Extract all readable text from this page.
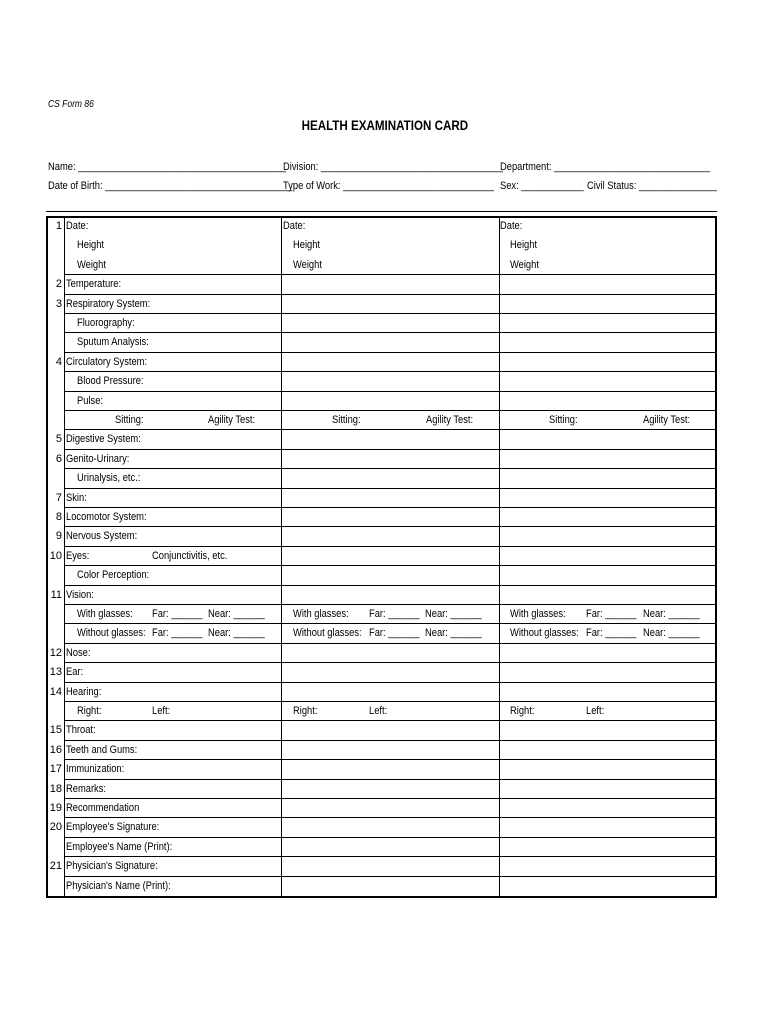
CS Form 86
HEALTH EXAMINATION CARD
Name: ________________________________________
Division: ___________________________________
Department: ______________________________
Date of Birth: ____________________________________
Type of Work: _____________________________ Sex: ____________ Civil Status: _______________
1 Date:	Date:	Date:
Height	Height	Height
Weight	Weight	Weight
2 Temperature:
3 Respiratory System:
Fluorography:
Sputum Analysis:
4 Circulatory System:
Blood Pressure:
Pulse:
Sitting:	Agility Test:	Sitting:	Agility Test:	Sitting:	Agility Test:
5 Digestive System:
6 Genito-Urinary:
Urinalysis, etc.:
7 Skin:
8 Locomotor System:
9 Nervous System:
10 Eyes:	Conjunctivitis, etc.
Color Perception:
11 Vision:
With glasses: Far: ______ Near: ______	With glasses: Far: ______ Near: ______	With glasses: Far: ______ Near: ______
Without glasses: Far: ______ Near: ______	Without glasses: Far: ______ Near: ______	Without glasses: Far: ______ Near: ______
12 Nose:
13 Ear:
14 Hearing:
Right:	Left:	Right:	Left:	Right:	Left:
15 Throat:
16 Teeth and Gums:
17 Immunization:
18 Remarks:
19 Recommendation
20 Employee's Signature:
Employee's Name (Print):
21 Physician's Signature:
Physician's Name (Print):
